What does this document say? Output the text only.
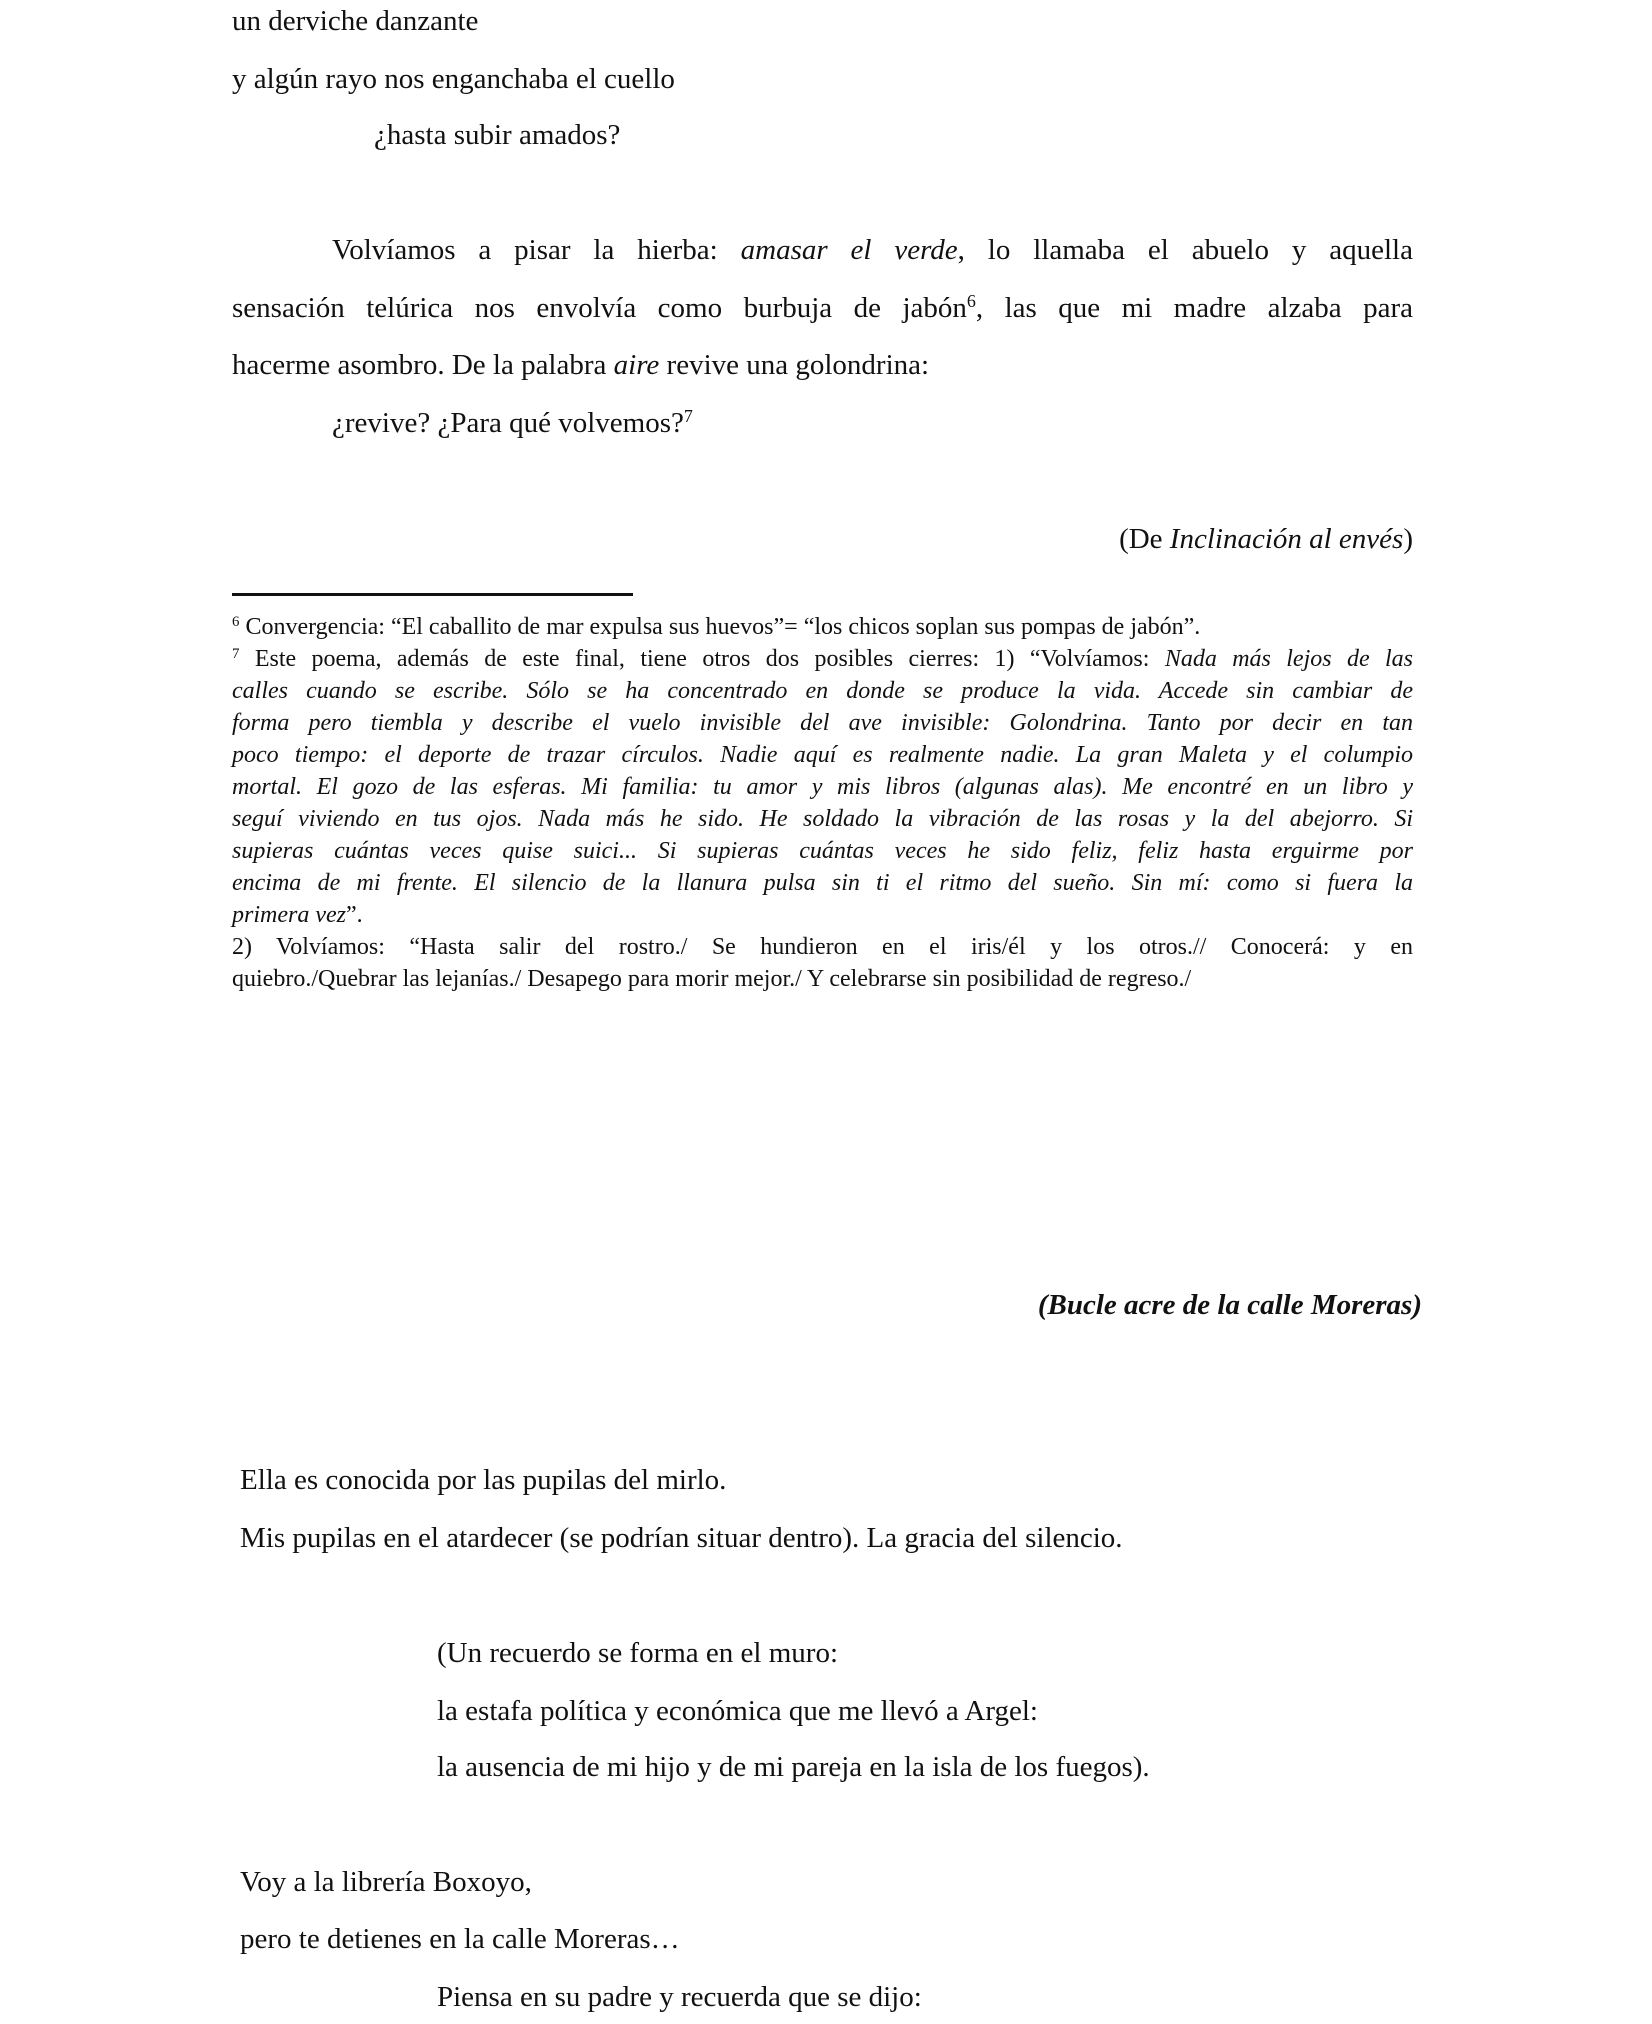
un derviche danzante
y algún rayo nos enganchaba el cuello
¿hasta subir amados?
Volvíamos a pisar la hierba: amasar el verde, lo llamaba el abuelo y aquella
sensación telúrica nos envolvía como burbuja de jabón$^6$, las que mi madre alzaba para
hacerme asombro. De la palabra aire revive una golondrina:
¿revive? ¿Para qué volvemos?$^7$
(De Inclinación al envés)
$^6$ Convergencia: “El caballito de mar expulsa sus huevos”= “los chicos soplan sus pompas de jabón”.
$^7$ Este poema, además de este final, tiene otros dos posibles cierres: 1) “Volvíamos: Nada más lejos de las
calles cuando se escribe. Sólo se ha concentrado en donde se produce la vida. Accede sin cambiar de
forma pero tiembla y describe el vuelo invisible del ave invisible: Golondrina. Tanto por decir en tan
poco tiempo: el deporte de trazar círculos. Nadie aquí es realmente nadie. La gran Maleta y el columpio
mortal. El gozo de las esferas. Mi familia: tu amor y mis libros (algunas alas). Me encontré en un libro y
seguí viviendo en tus ojos. Nada más he sido. He soldado la vibración de las rosas y la del abejorro. Si
supieras cuántas veces quise suici... Si supieras cuántas veces he sido feliz, feliz hasta erguirme por
encima de mi frente. El silencio de la llanura pulsa sin ti el ritmo del sueño. Sin mí: como si fuera la
primera vez”.
2) Volvíamos: “Hasta salir del rostro./ Se hundieron en el iris/él y los otros.// Conocerá: y en
quiebro./Quebrar las lejanías./ Desapego para morir mejor./ Y celebrarse sin posibilidad de regreso./
(Bucle acre de la calle Moreras)
Ella es conocida por las pupilas del mirlo.
Mis pupilas en el atardecer (se podrían situar dentro). La gracia del silencio.
(Un recuerdo se forma en el muro:
la estafa política y económica que me llevó a Argel:
la ausencia de mi hijo y de mi pareja en la isla de los fuegos).
Voy a la librería Boxoyo,
pero te detienes en la calle Moreras…
Piensa en su padre y recuerda que se dijo:
